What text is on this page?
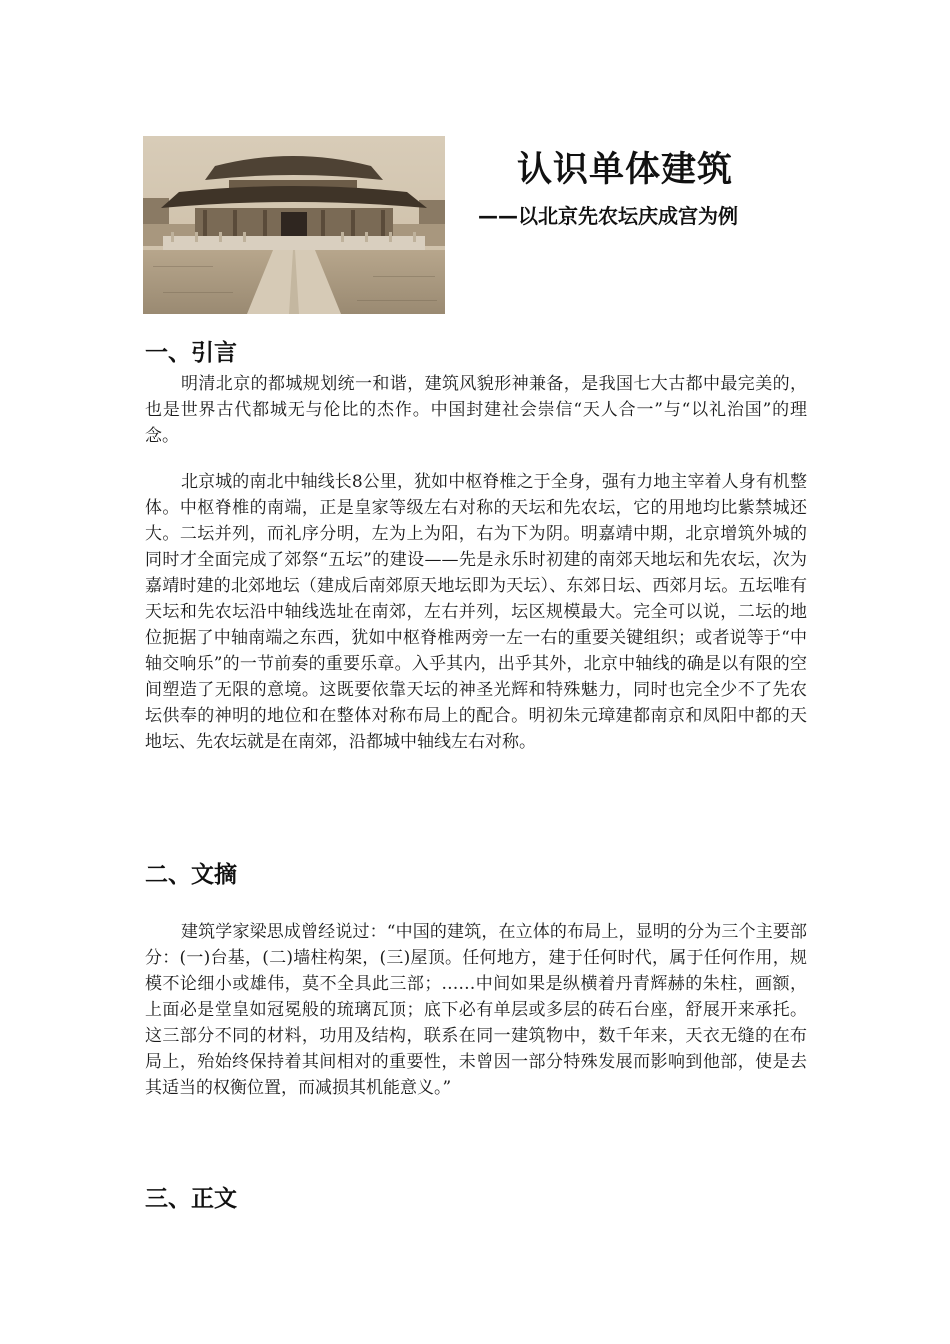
认识单体建筑
——以北京先农坛庆成宫为例
一、引言

明清北京的都城规划统一和谐，建筑风貌形神兼备，是我国七大古都中最完美的，也是世界古代都城无与伦比的杰作。中国封建社会崇信“天人合一”与“以礼治国”的理念。

北京城的南北中轴线长8公里，犹如中枢脊椎之于全身，强有力地主宰着人身有机整体。中枢脊椎的南端，正是皇家等级左右对称的天坛和先农坛，它的用地均比紫禁城还大。二坛并列，而礼序分明，左为上为阳，右为下为阴。明嘉靖中期，北京增筑外城的同时才全面完成了郊祭“五坛”的建设——先是永乐时初建的南郊天地坛和先农坛，次为嘉靖时建的北郊地坛（建成后南郊原天地坛即为天坛）、东郊日坛、西郊月坛。五坛唯有天坛和先农坛沿中轴线选址在南郊，左右并列，坛区规模最大。完全可以说，二坛的地位扼据了中轴南端之东西，犹如中枢脊椎两旁一左一右的重要关键组织；或者说等于“中轴交响乐”的一节前奏的重要乐章。入乎其内，出乎其外，北京中轴线的确是以有限的空间塑造了无限的意境。这既要依靠天坛的神圣光辉和特殊魅力，同时也完全少不了先农坛供奉的神明的地位和在整体对称布局上的配合。明初朱元璋建都南京和凤阳中都的天地坛、先农坛就是在南郊，沿都城中轴线左右对称。

二、文摘

建筑学家梁思成曾经说过：“中国的建筑，在立体的布局上，显明的分为三个主要部分：(一)台基，(二)墙柱构架，(三)屋顶。任何地方，建于任何时代，属于任何作用，规模不论细小或雄伟，莫不全具此三部；……中间如果是纵横着丹青辉赫的朱柱，画额，上面必是堂皇如冠冕般的琉璃瓦顶；底下必有单层或多层的砖石台座，舒展开来承托。这三部分不同的材料，功用及结构，联系在同一建筑物中，数千年来，天衣无缝的在布局上，殆始终保持着其间相对的重要性，未曾因一部分特殊发展而影响到他部，使是去其适当的权衡位置，而减损其机能意义。”

三、正文
